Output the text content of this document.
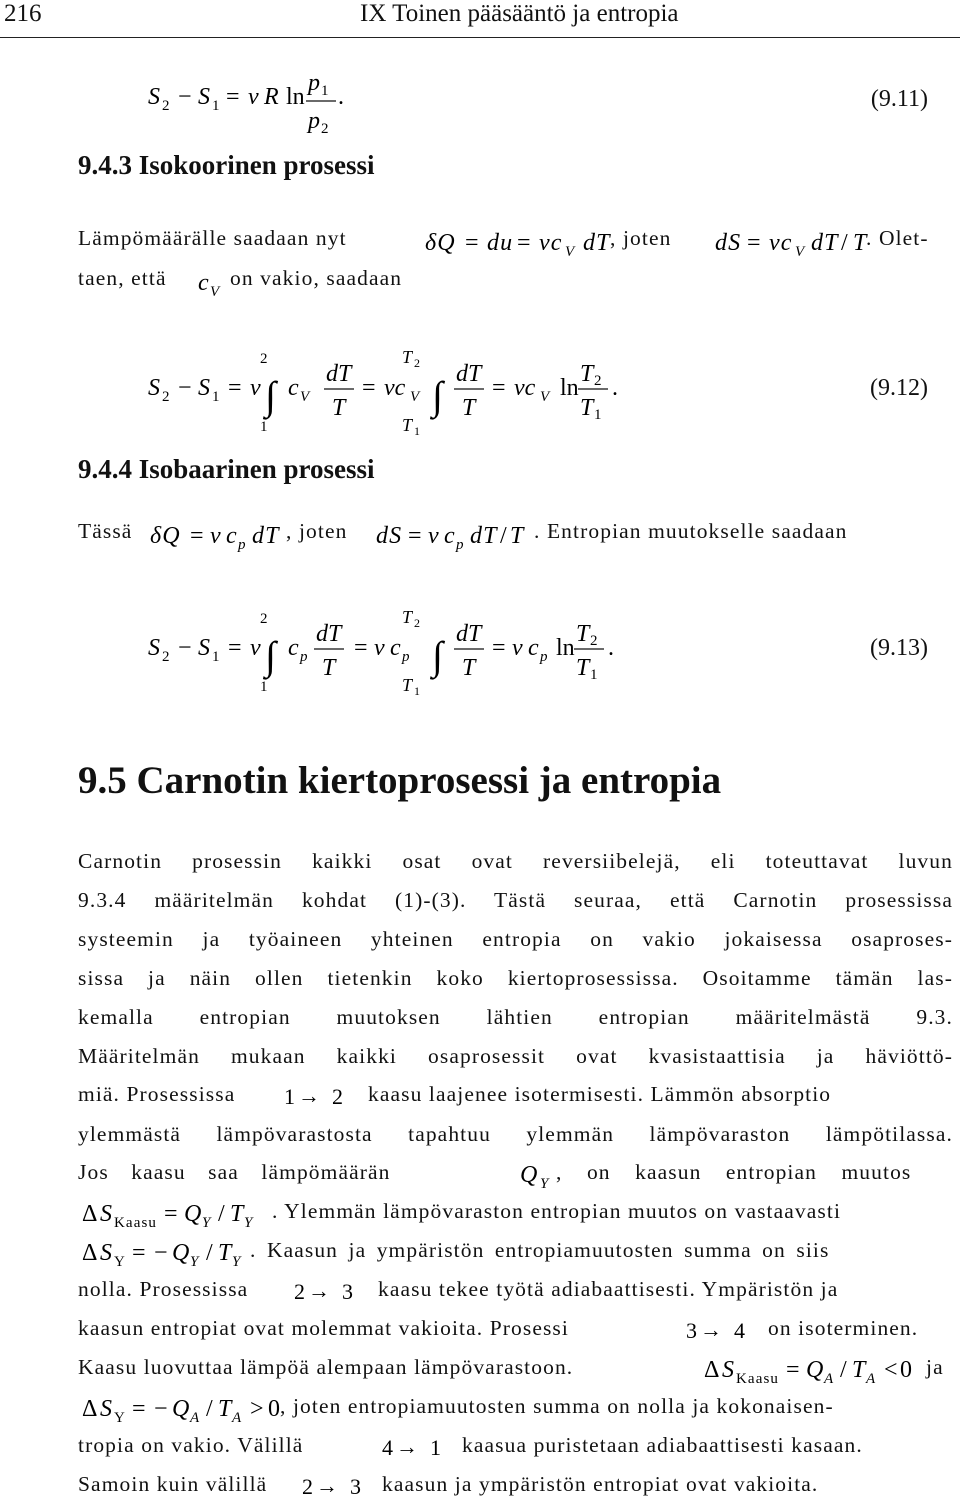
216	IX Toinen pääsääntö ja entropia
S 2 − S 1 = ν R ln
p 1
p 2
.	(9.11)
9.4.3 Isokoorinen prosessi
Lämpömäärälle saadaan nyt	δQ = du = νc V dT , joten dS = νc V dT / T
. Olet-
taen, että c V
on vakio, saadaan
S 2 − S 1 = ν ∫
2
1
c V
dT
T
= νc V ∫
T 2
T 1
dT
T
= νc V ln
T 2
T 1
.	(9.12)
9.4.4 Isobaarinen prosessi
Tässä δQ = ν c p dT , joten dS = ν c p dT / T . Entropian muutokselle saadaan
S 2 − S 1 = ν ∫
2
1
c p
dT
T
= ν c p ∫
T 2
T 1
dT
T
= ν c p ln
T 2
T 1
.	(9.13)
9.5 Carnotin kiertoprosessi ja entropia
Carnotin prosessin kaikki osat ovat reversiibelejä, eli toteuttavat luvun
9.3.4 määritelmän kohdat (1)-(3). Tästä seuraa, että Carnotin prosessissa
systeemin ja työaineen yhteinen entropia on vakio jokaisessa osaproses-
sissa ja näin ollen tietenkin koko kiertoprosessissa. Osoitamme tämän las-
kemalla entropian muutoksen lähtien entropian määritelmästä 9.3.
Määritelmän mukaan kaikki osaprosessit ovat kvasistaattisia ja häviöttö-
miä. Prosessissa 1 → 2 kaasu laajenee isotermisesti. Lämmön absorptio
ylemmästä lämpövarastosta tapahtuu ylemmän lämpövaraston lämpötilassa.
Jos kaasu saa lämpömäärän	Q Y , on kaasun entropian muutos
Δ S Kaasu = Q Y / T Y . Ylemmän lämpövaraston entropian muutos on vastaavasti
Δ S Y = − Q Y / T Y . Kaasun ja ympäristön entropiamuutosten summa on siis
nolla. Prosessissa 2 → 3 kaasu tekee työtä adiabaattisesti. Ympäristön ja
kaasun entropiat ovat molemmat vakioita. Prosessi	3 → 4 on isoterminen.
Kaasu luovuttaa lämpöä alempaan lämpövarastoon.	Δ S Kaasu = Q A / T A < 0 ja
Δ S Y = − Q A / T A > 0
, joten entropiamuutosten summa on nolla ja kokonaisen-
tropia on vakio. Välillä	4 → 1 kaasua puristetaan adiabaattisesti kasaan.
Samoin kuin välillä 2 → 3 kaasun ja ympäristön entropiat ovat vakioita.
